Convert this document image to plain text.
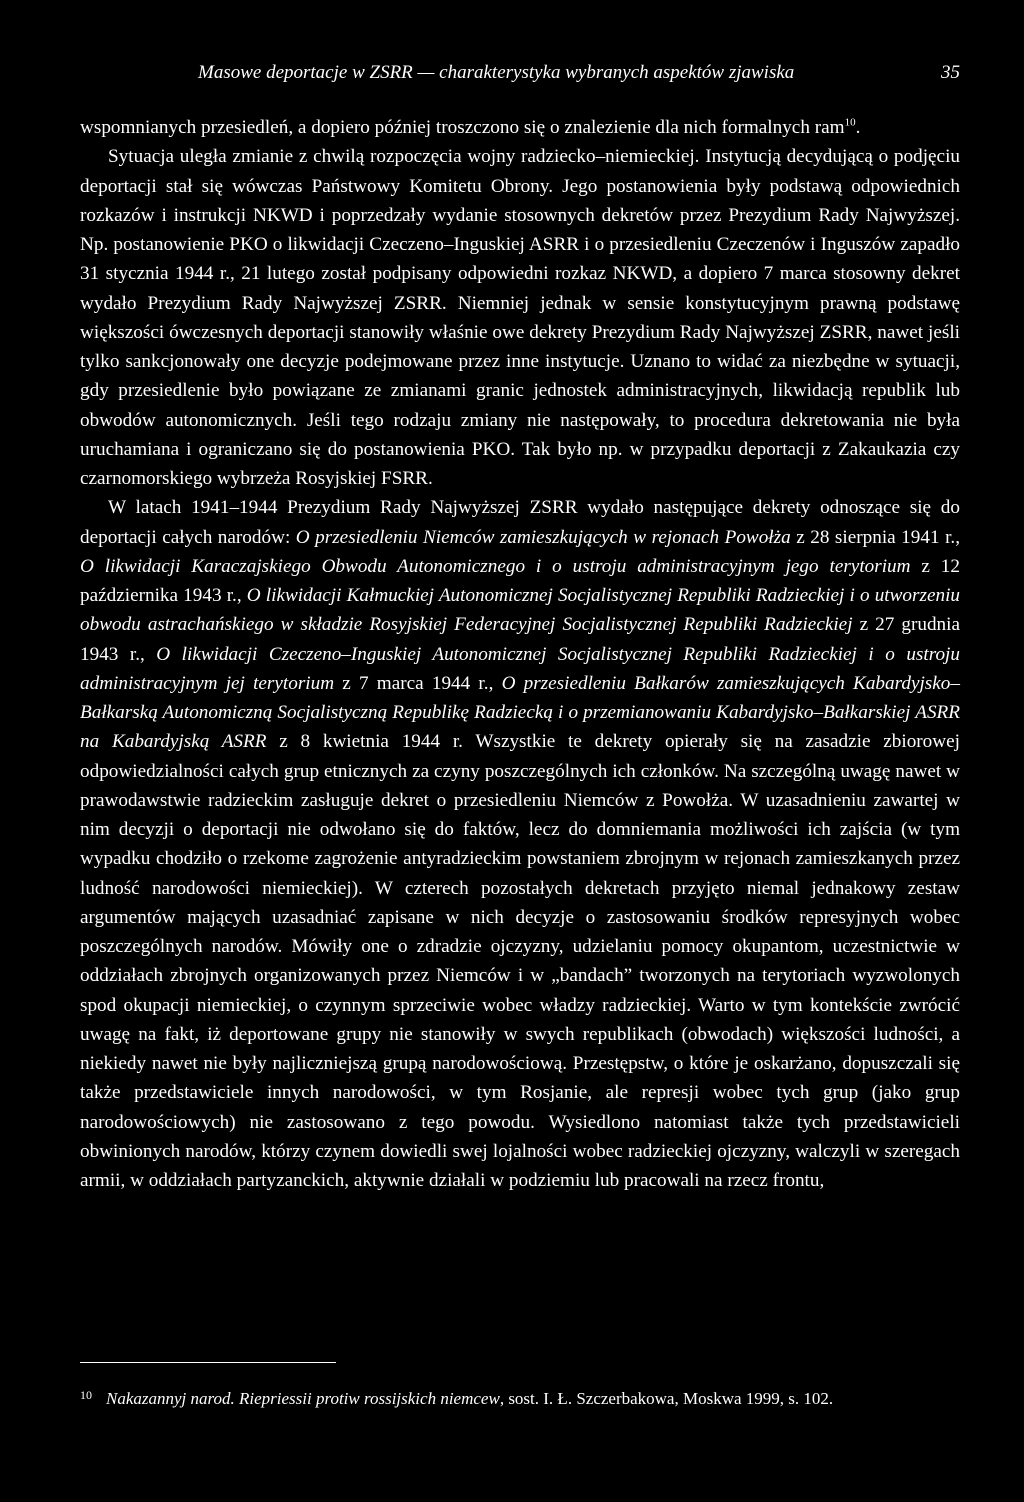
Masowe deportacje w ZSRR — charakterystyka wybranych aspektów zjawiska	35

wspomnianych przesiedleń, a dopiero później troszczono się o znalezienie dla nich formalnych ram$^{10}$.

Sytuacja uległa zmianie z chwilą rozpoczęcia wojny radziecko–niemieckiej. Instytucją decydującą o podjęciu deportacji stał się wówczas Państwowy Komitetu Obrony. Jego postanowienia były podstawą odpowiednich rozkazów i instrukcji NKWD i poprzedzały wydanie stosownych dekretów przez Prezydium Rady Najwyższej. Np. postanowienie PKO o likwidacji Czeczeno–Inguskiej ASRR i o przesiedleniu Czeczenów i Inguszów zapadło 31 stycznia 1944 r., 21 lutego został podpisany odpowiedni rozkaz NKWD, a dopiero 7 marca stosowny dekret wydało Prezydium Rady Najwyższej ZSRR. Niemniej jednak w sensie konstytucyjnym prawną podstawę większości ówczesnych deportacji stanowiły właśnie owe dekrety Prezydium Rady Najwyższej ZSRR, nawet jeśli tylko sankcjonowały one decyzje podejmowane przez inne instytucje. Uznano to widać za niezbędne w sytuacji, gdy przesiedlenie było powiązane ze zmianami granic jednostek administracyjnych, likwidacją republik lub obwodów autonomicznych. Jeśli tego rodzaju zmiany nie następowały, to procedura dekretowania nie była uruchamiana i ograniczano się do postanowienia PKO. Tak było np. w przypadku deportacji z Zakaukazia czy czarnomorskiego wybrzeża Rosyjskiej FSRR.

W latach 1941–1944 Prezydium Rady Najwyższej ZSRR wydało następujące dekrety odnoszące się do deportacji całych narodów: O przesiedleniu Niemców zamieszkujących w rejonach Powołża z 28 sierpnia 1941 r., O likwidacji Karaczajskiego Obwodu Autonomicznego i o ustroju administracyjnym jego terytorium z 12 października 1943 r., O likwidacji Kałmuckiej Autonomicznej Socjalistycznej Republiki Radzieckiej i o utworzeniu obwodu astrachańskiego w składzie Rosyjskiej Federacyjnej Socjalistycznej Republiki Radzieckiej z 27 grudnia 1943 r., O likwidacji Czeczeno–Inguskiej Autonomicznej Socjalistycznej Republiki Radzieckiej i o ustroju administracyjnym jej terytorium z 7 marca 1944 r., O przesiedleniu Bałkarów zamieszkujących Kabardyjsko–Bałkarską Autonomiczną Socjalistyczną Republikę Radziecką i o przemianowaniu Kabardyjsko–Bałkarskiej ASRR na Kabardyjską ASRR z 8 kwietnia 1944 r. Wszystkie te dekrety opierały się na zasadzie zbiorowej odpowiedzialności całych grup etnicznych za czyny poszczególnych ich członków. Na szczególną uwagę nawet w prawodawstwie radzieckim zasługuje dekret o przesiedleniu Niemców z Powołża. W uzasadnieniu zawartej w nim decyzji o deportacji nie odwołano się do faktów, lecz do domniemania możliwości ich zajścia (w tym wypadku chodziło o rzekome zagrożenie antyradzieckim powstaniem zbrojnym w rejonach zamieszkanych przez ludność narodowości niemieckiej). W czterech pozostałych dekretach przyjęto niemal jednakowy zestaw argumentów mających uzasadniać zapisane w nich decyzje o zastosowaniu środków represyjnych wobec poszczególnych narodów. Mówiły one o zdradzie ojczyzny, udzielaniu pomocy okupantom, uczestnictwie w oddziałach zbrojnych organizowanych przez Niemców i w „bandach” tworzonych na terytoriach wyzwolonych spod okupacji niemieckiej, o czynnym sprzeciwie wobec władzy radzieckiej. Warto w tym kontekście zwrócić uwagę na fakt, iż deportowane grupy nie stanowiły w swych republikach (obwodach) większości ludności, a niekiedy nawet nie były najliczniejszą grupą narodowościową. Przestępstw, o które je oskarżano, dopuszczali się także przedstawiciele innych narodowości, w tym Rosjanie, ale represji wobec tych grup (jako grup narodowościowych) nie zastosowano z tego powodu. Wysiedlono natomiast także tych przedstawicieli obwinionych narodów, którzy czynem dowiedli swej lojalności wobec radzieckiej ojczyzny, walczyli w szeregach armii, w oddziałach partyzanckich, aktywnie działali w podziemiu lub pracowali na rzecz frontu,

10 Nakazannyj narod. Riepriessii protiw rossijskich niemcew, sost. I. Ł. Szczerbakowa, Moskwa 1999, s. 102.
